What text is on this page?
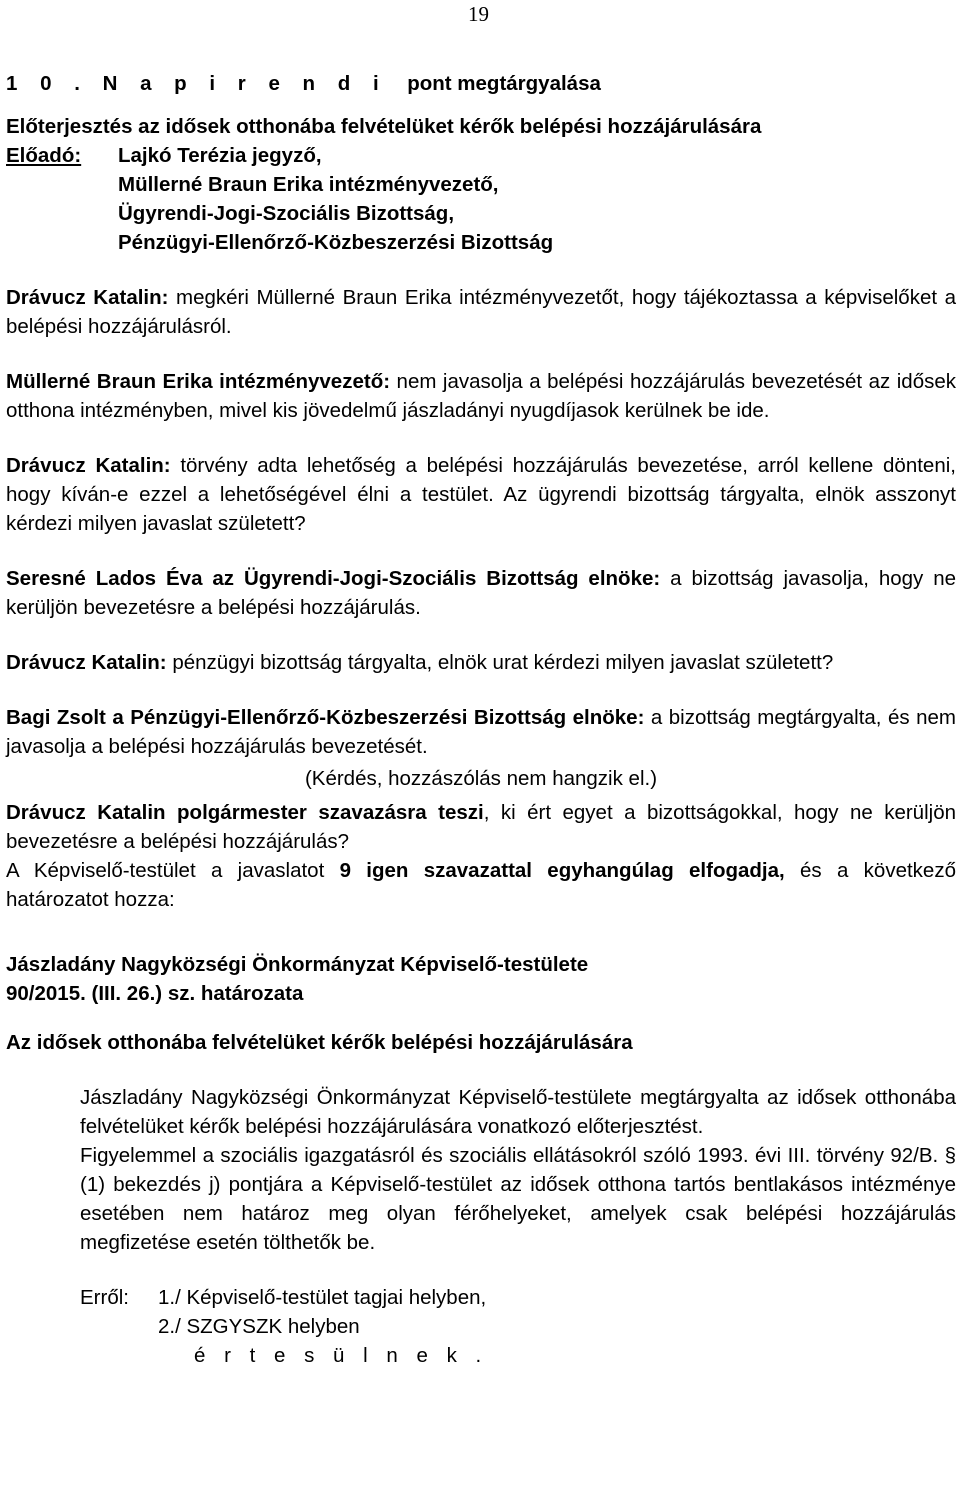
19
1 0 . N a p i r e n d i pont megtárgyalása
Előterjesztés az idősek otthonába felvételüket kérők belépési hozzájárulására
Előadó:	Lajkó Terézia jegyző,
Müllerné Braun Erika intézményvezető,
Ügyrendi-Jogi-Szociális Bizottság,
Pénzügyi-Ellenőrző-Közbeszerzési Bizottság

Drávucz Katalin: megkéri Müllerné Braun Erika intézményvezetőt, hogy tájékoztassa a képviselőket a belépési hozzájárulásról.

Müllerné Braun Erika intézményvezető: nem javasolja a belépési hozzájárulás bevezetését az idősek otthona intézményben, mivel kis jövedelmű jászladányi nyugdíjasok kerülnek be ide.

Drávucz Katalin: törvény adta lehetőség a belépési hozzájárulás bevezetése, arról kellene dönteni, hogy kíván-e ezzel a lehetőségével élni a testület. Az ügyrendi bizottság tárgyalta, elnök asszonyt kérdezi milyen javaslat született?

Seresné Lados Éva az Ügyrendi-Jogi-Szociális Bizottság elnöke: a bizottság javasolja, hogy ne kerüljön bevezetésre a belépési hozzájárulás.

Drávucz Katalin: pénzügyi bizottság tárgyalta, elnök urat kérdezi milyen javaslat született?

Bagi Zsolt a Pénzügyi-Ellenőrző-Közbeszerzési Bizottság elnöke: a bizottság megtárgyalta, és nem javasolja a belépési hozzájárulás bevezetését.

(Kérdés, hozzászólás nem hangzik el.)

Drávucz Katalin polgármester szavazásra teszi, ki ért egyet a bizottságokkal, hogy ne kerüljön bevezetésre a belépési hozzájárulás?

A Képviselő-testület a javaslatot 9 igen szavazattal egyhangúlag elfogadja, és a következő határozatot hozza:

Jászladány Nagyközségi Önkormányzat Képviselő-testülete
90/2015. (III. 26.) sz. határozata
Az idősek otthonába felvételüket kérők belépési hozzájárulására

Jászladány Nagyközségi Önkormányzat Képviselő-testülete megtárgyalta az idősek otthonába felvételüket kérők belépési hozzájárulására vonatkozó előterjesztést.

Figyelemmel a szociális igazgatásról és szociális ellátásokról szóló 1993. évi III. törvény 92/B. § (1) bekezdés j) pontjára a Képviselő-testület az idősek otthona tartós bentlakásos intézménye esetében nem határoz meg olyan férőhelyeket, amelyek csak belépési hozzájárulás megfizetése esetén tölthetők be.

Erről:	1./ Képviselő-testület tagjai helyben,
2./ SZGYSZK helyben
é r t e s ü l n e k .
